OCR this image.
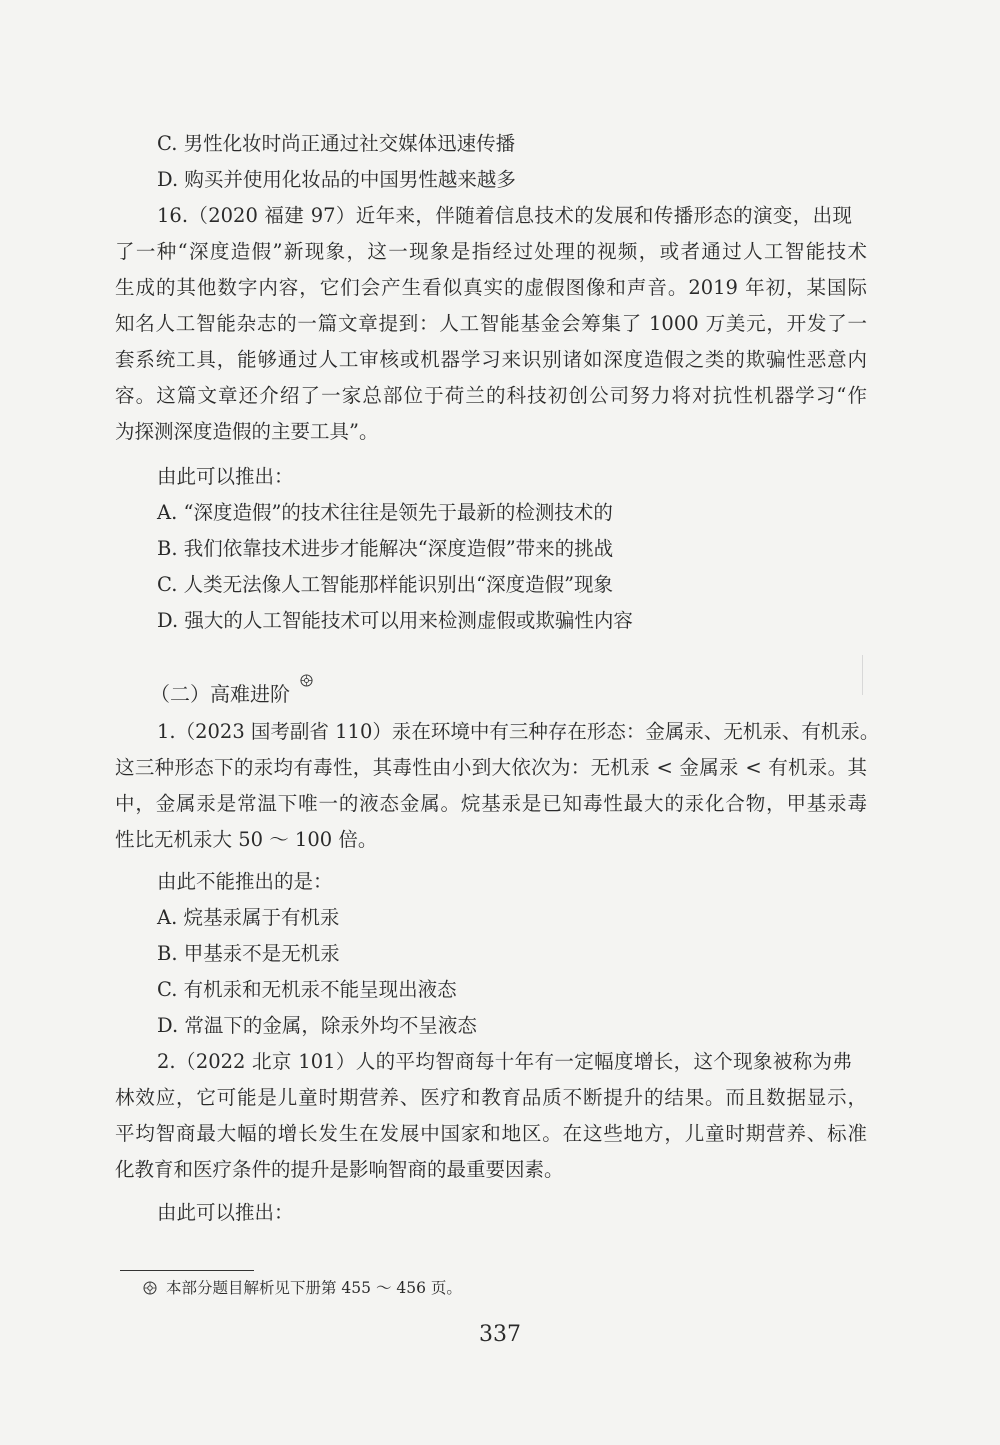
C. 男性化妆时尚正通过社交媒体迅速传播
D. 购买并使用化妆品的中国男性越来越多
16.（2020 福建 97）近年来，伴随着信息技术的发展和传播形态的演变，出现
了一种“深度造假”新现象，这一现象是指经过处理的视频，或者通过人工智能技术
生成的其他数字内容，它们会产生看似真实的虚假图像和声音。2019 年初，某国际
知名人工智能杂志的一篇文章提到：人工智能基金会筹集了 1000 万美元，开发了一
套系统工具，能够通过人工审核或机器学习来识别诸如深度造假之类的欺骗性恶意内
容。这篇文章还介绍了一家总部位于荷兰的科技初创公司努力将对抗性机器学习“作
为探测深度造假的主要工具”。
由此可以推出：
A. “深度造假”的技术往往是领先于最新的检测技术的
B. 我们依靠技术进步才能解决“深度造假”带来的挑战
C. 人类无法像人工智能那样能识别出“深度造假”现象
D. 强大的人工智能技术可以用来检测虚假或欺骗性内容
（二）高难进阶
1.（2023 国考副省 110）汞在环境中有三种存在形态：金属汞、无机汞、有机汞。
这三种形态下的汞均有毒性，其毒性由小到大依次为：无机汞 < 金属汞 < 有机汞。其
中，金属汞是常温下唯一的液态金属。烷基汞是已知毒性最大的汞化合物，甲基汞毒
性比无机汞大 50 ～ 100 倍。
由此不能推出的是：
A. 烷基汞属于有机汞
B. 甲基汞不是无机汞
C. 有机汞和无机汞不能呈现出液态
D. 常温下的金属，除汞外均不呈液态
2.（2022 北京 101）人的平均智商每十年有一定幅度增长，这个现象被称为弗
林效应，它可能是儿童时期营养、医疗和教育品质不断提升的结果。而且数据显示，
平均智商最大幅的增长发生在发展中国家和地区。在这些地方，儿童时期营养、标准
化教育和医疗条件的提升是影响智商的最重要因素。
由此可以推出：
本部分题目解析见下册第 455 ～ 456 页。
337
